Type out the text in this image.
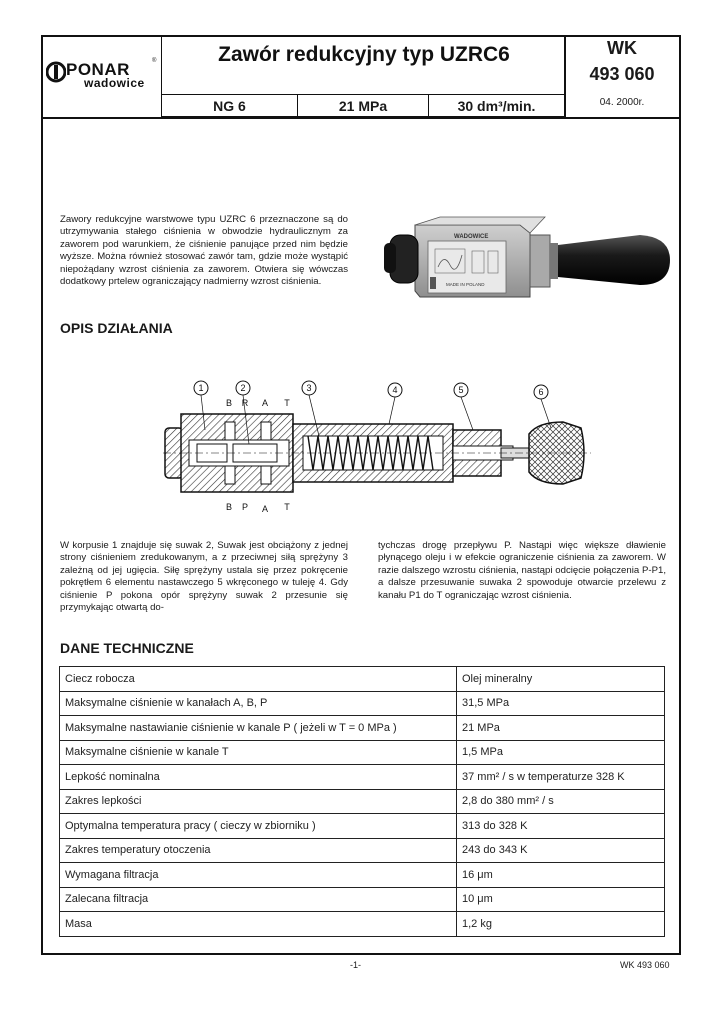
PONAR	®
wadowice
Zawór redukcyjny typ UZRC6	WK
493 060
04. 2000r.
NG 6	21 MPa	30 dm³/min.
Zawory redukcyjne warstwowe typu UZRC 6 przeznaczone są do utrzymywania stałego ciśnienia w obwodzie hydraulicznym za zaworem pod warunkiem, że ciśnienie panujące przed nim będzie wyższe. Można również stosować zawór tam, gdzie może wystąpić niepożądany wzrost ciśnienia za zaworem. Otwiera się wówczas dodatkowy prtelew ograniczający nadmierny wzrost ciśnienia.
WADOWICE
MADE IN POLAND
OPIS DZIAŁANIA
1	2	3	4	5	6
B R A T
B P A T
W korpusie 1 znajduje się suwak 2, Suwak jest obciążony z jednej strony ciśnieniem zredukowanym, a z przeciwnej siłą sprężyny 3 zależną od jej ugięcia. Siłę sprężyny ustala się przez pokręcenie pokrętłem 6 elementu nastawczego 5 wkręconego w tuleję 4. Gdy ciśnienie P pokona opór sprężyny suwak 2 przesunie się przymykając otwartą do-
tychczas drogę przepływu P. Nastąpi więc większe dławienie płynącego oleju i w efekcie ograniczenie ciśnienia za zaworem. W razie dalszego wzrostu ciśnienia, nastąpi odcięcie połączenia P-P1, a dalsze przesuwanie suwaka 2 spowoduje otwarcie przelewu z kanału P1 do T ograniczając wzrost ciśnienia.
DANE TECHNICZNE
Ciecz robocza	Olej mineralny
Maksymalne ciśnienie w kanałach A, B, P	31,5 MPa
Maksymalne nastawianie ciśnienie w kanale P ( jeżeli w T = 0 MPa )	21 MPa
Maksymalne ciśnienie w kanale T	1,5 MPa
Lepkość nominalna	37 mm² / s w temperaturze 328 K
Zakres lepkości	2,8 do 380 mm² / s
Optymalna temperatura pracy ( cieczy w zbiorniku )	313 do 328 K
Zakres temperatury otoczenia	243 do 343 K
Wymagana filtracja	16 μm
Zalecana filtracja	10 μm
Masa	1,2 kg
-1-	WK 493 060
